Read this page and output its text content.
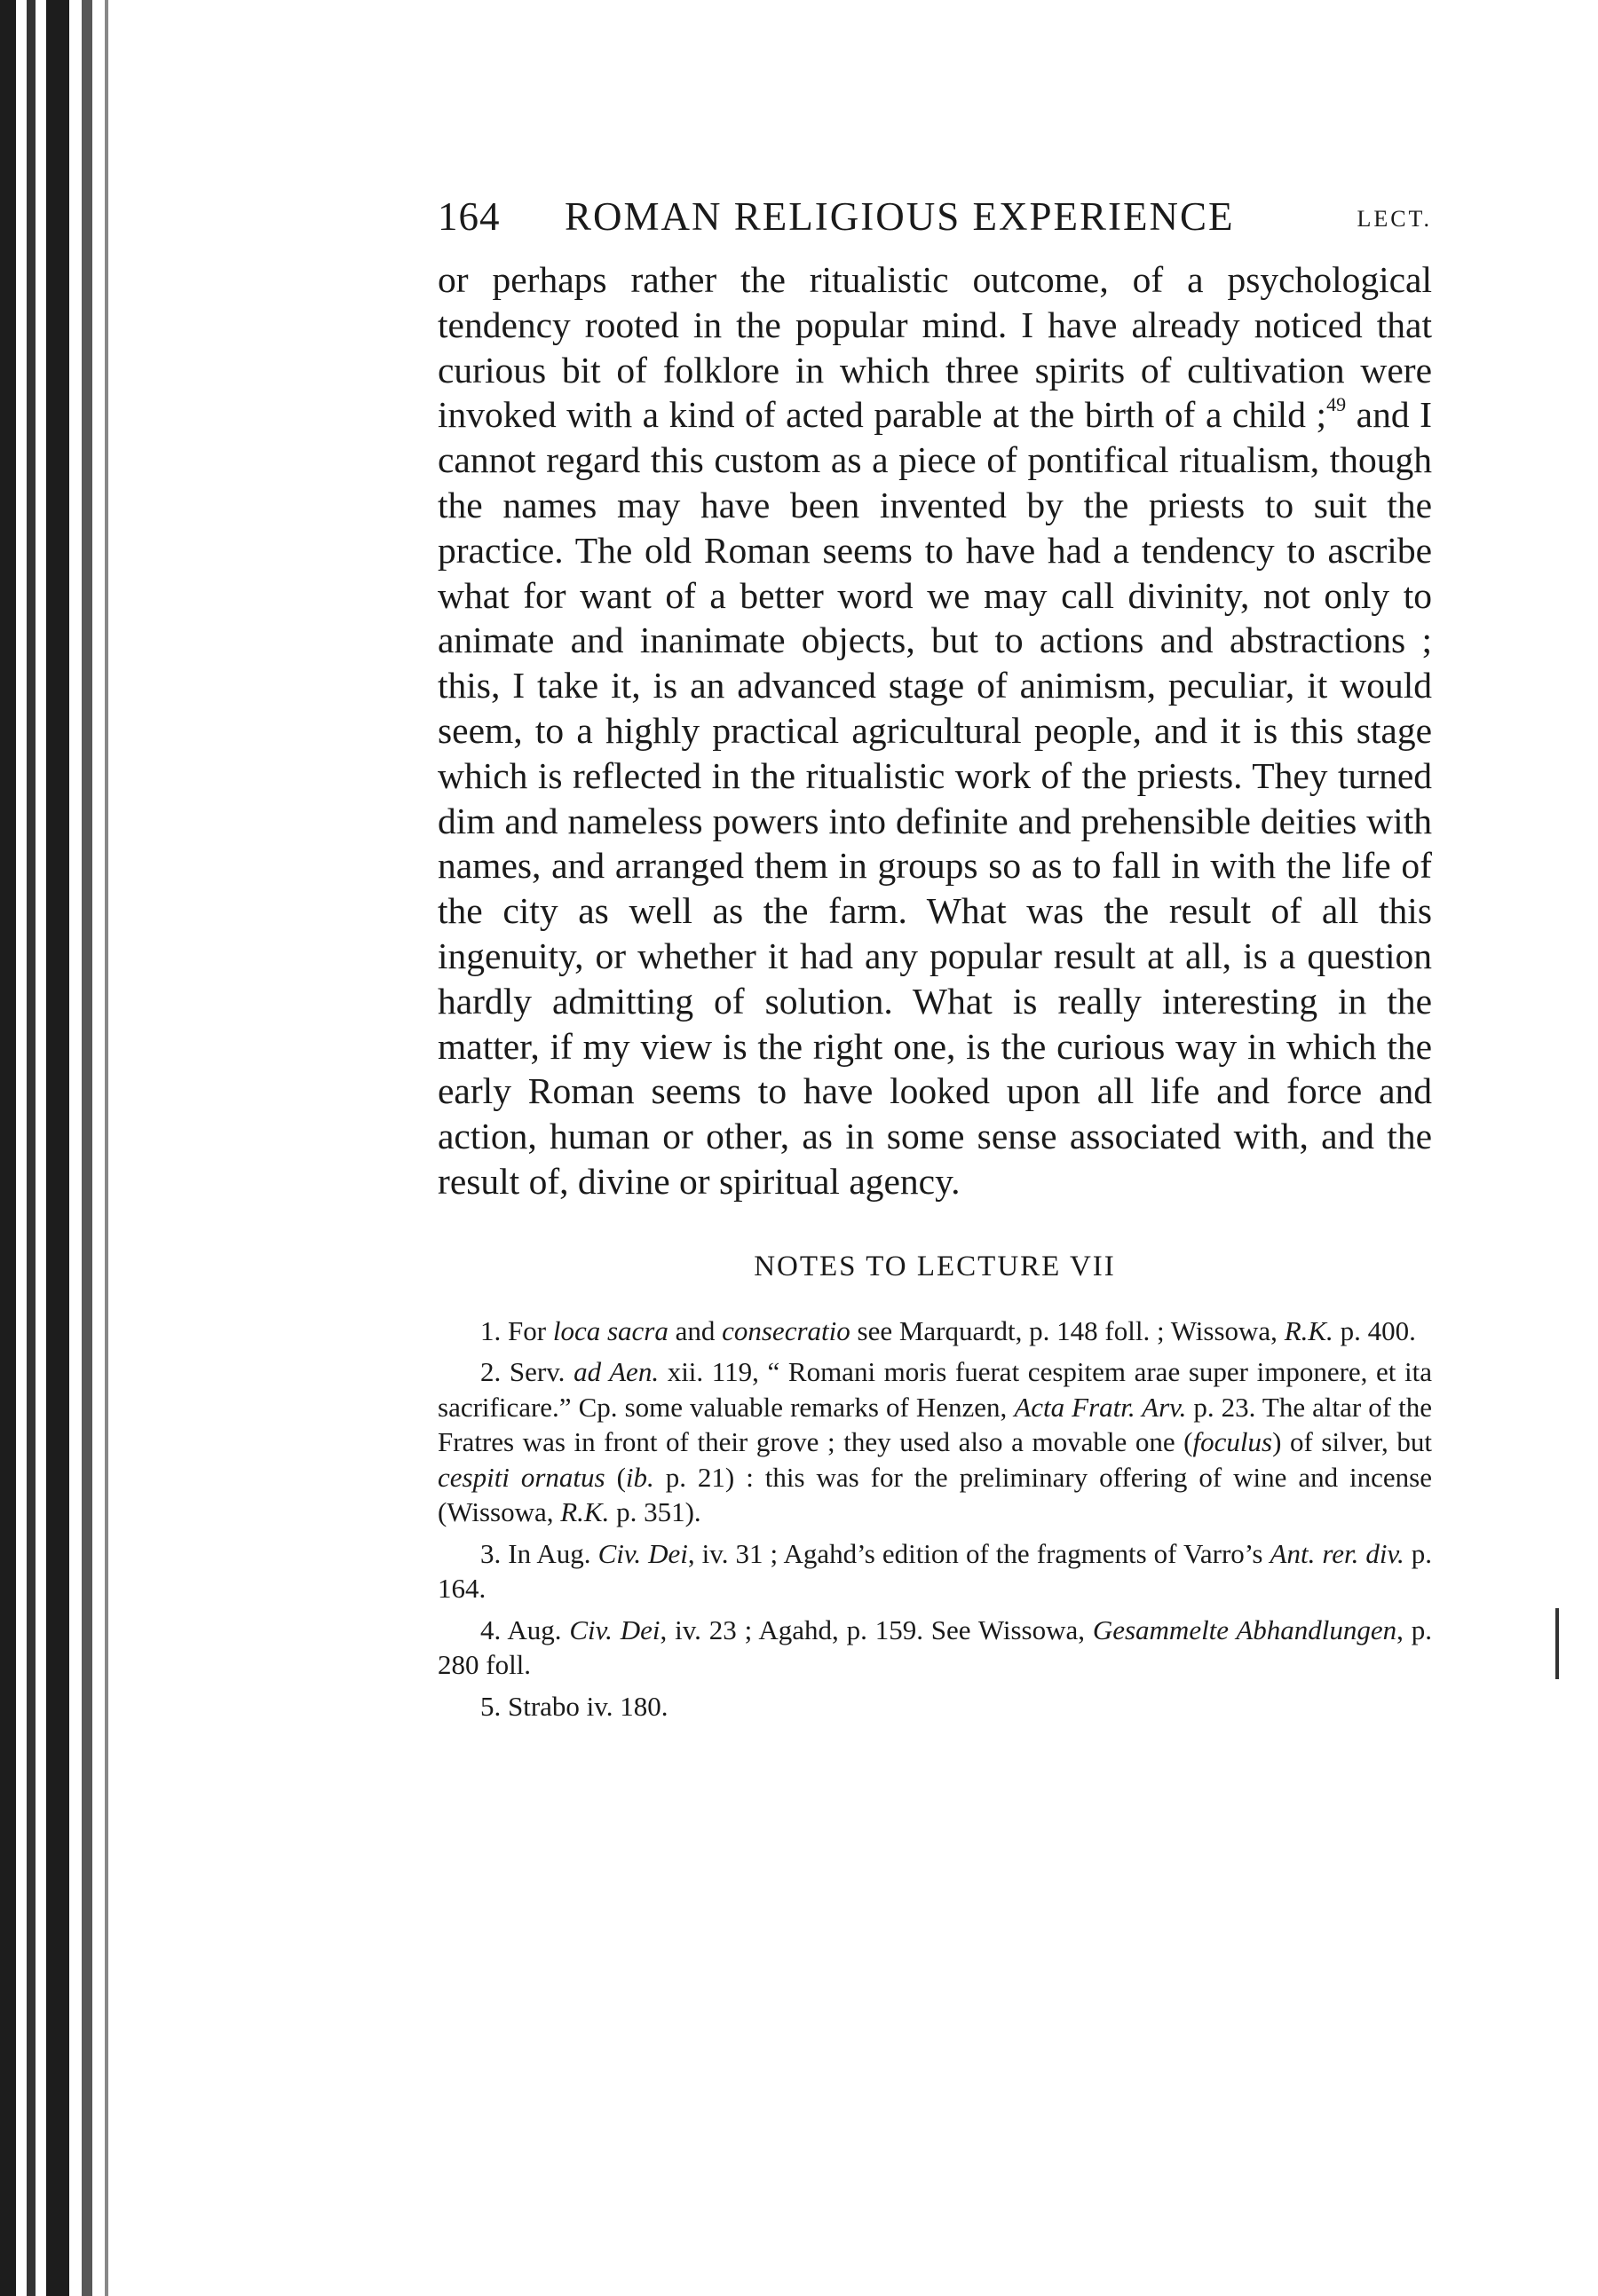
164 ROMAN RELIGIOUS EXPERIENCE	LECT.

or perhaps rather the ritualistic outcome, of a psychological tendency rooted in the popular mind. I have already noticed that curious bit of folklore in which three spirits of cultivation were invoked with a kind of acted parable at the birth of a child ;$^{49}$ and I cannot regard this custom as a piece of pontifical ritualism, though the names may have been invented by the priests to suit the practice. The old Roman seems to have had a tendency to ascribe what for want of a better word we may call divinity, not only to animate and inanimate objects, but to actions and abstractions ; this, I take it, is an advanced stage of animism, peculiar, it would seem, to a highly practical agricultural people, and it is this stage which is reflected in the ritualistic work of the priests. They turned dim and nameless powers into definite and prehensible deities with names, and arranged them in groups so as to fall in with the life of the city as well as the farm. What was the result of all this ingenuity, or whether it had any popular result at all, is a question hardly admitting of solution. What is really interesting in the matter, if my view is the right one, is the curious way in which the early Roman seems to have looked upon all life and force and action, human or other, as in some sense associated with, and the result of, divine or spiritual agency.

NOTES TO LECTURE VII

1. For loca sacra and consecratio see Marquardt, p. 148 foll. ; Wissowa, R.K. p. 400.

2. Serv. ad Aen. xii. 119, “ Romani moris fuerat cespitem arae super imponere, et ita sacrificare.” Cp. some valuable remarks of Henzen, Acta Fratr. Arv. p. 23. The altar of the Fratres was in front of their grove ; they used also a movable one (foculus) of silver, but cespiti ornatus (ib. p. 21) : this was for the preliminary offering of wine and incense (Wissowa, R.K. p. 351).

3. In Aug. Civ. Dei, iv. 31 ; Agahd’s edition of the fragments of Varro’s Ant. rer. div. p. 164.

4. Aug. Civ. Dei, iv. 23 ; Agahd, p. 159. See Wissowa, Gesammelte Abhandlungen, p. 280 foll.

5. Strabo iv. 180.
